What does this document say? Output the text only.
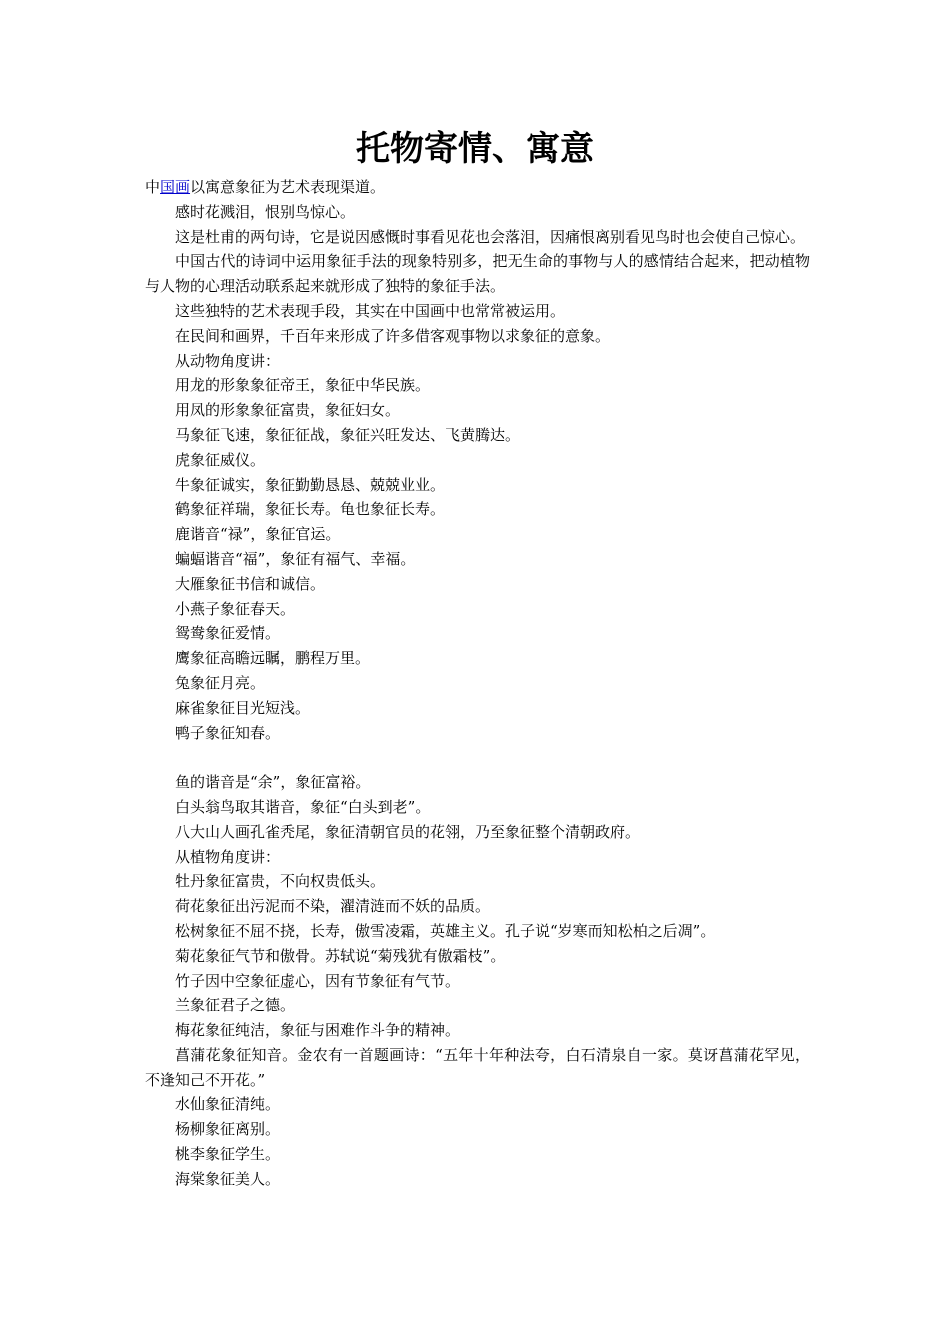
托物寄情、寓意

中国画以寓意象征为艺术表现渠道。

感时花溅泪，恨别鸟惊心。

这是杜甫的两句诗，它是说因感慨时事看见花也会落泪，因痛恨离别看见鸟时也会使自己惊心。

中国古代的诗词中运用象征手法的现象特别多，把无生命的事物与人的感情结合起来，把动植物与人物的心理活动联系起来就形成了独特的象征手法。

这些独特的艺术表现手段，其实在中国画中也常常被运用。

在民间和画界，千百年来形成了许多借客观事物以求象征的意象。

从动物角度讲：

用龙的形象象征帝王，象征中华民族。

用凤的形象象征富贵，象征妇女。

马象征飞速，象征征战，象征兴旺发达、飞黄腾达。

虎象征威仪。

牛象征诚实，象征勤勤恳恳、兢兢业业。

鹤象征祥瑞，象征长寿。龟也象征长寿。

鹿谐音“禄”，象征官运。

蝙蝠谐音“福”，象征有福气、幸福。

大雁象征书信和诚信。

小燕子象征春天。

鸳鸯象征爱情。

鹰象征高瞻远瞩，鹏程万里。

兔象征月亮。

麻雀象征目光短浅。

鸭子象征知春。

鱼的谐音是“余”，象征富裕。

白头翁鸟取其谐音，象征“白头到老”。

八大山人画孔雀秃尾，象征清朝官员的花翎，乃至象征整个清朝政府。

从植物角度讲：

牡丹象征富贵，不向权贵低头。

荷花象征出污泥而不染，濯清涟而不妖的品质。

松树象征不屈不挠，长寿，傲雪凌霜，英雄主义。孔子说“岁寒而知松柏之后凋”。

菊花象征气节和傲骨。苏轼说“菊残犹有傲霜枝”。

竹子因中空象征虚心，因有节象征有气节。

兰象征君子之德。

梅花象征纯洁，象征与困难作斗争的精神。

菖蒲花象征知音。金农有一首题画诗：“五年十年种法夸，白石清泉自一家。莫讶菖蒲花罕见，不逢知己不开花。”

水仙象征清纯。

杨柳象征离别。

桃李象征学生。

海棠象征美人。
